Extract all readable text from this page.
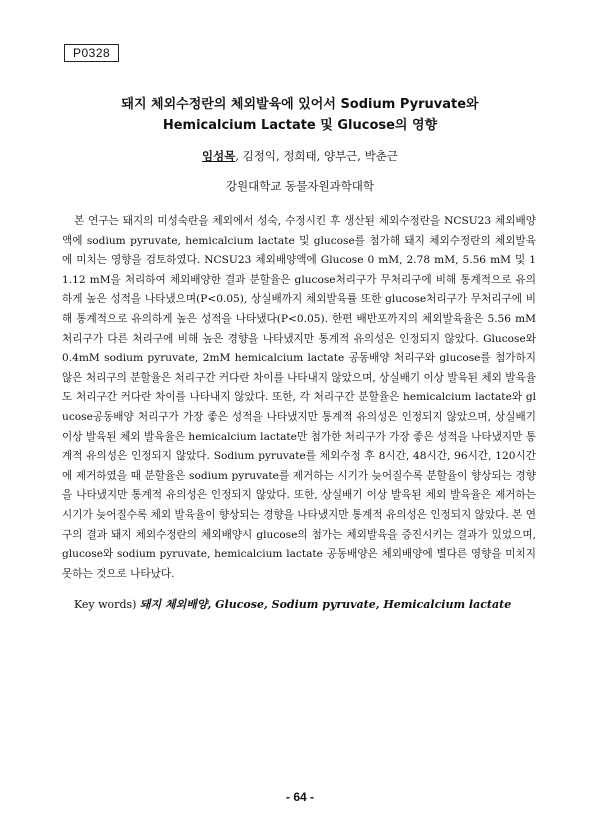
P0328
돼지 체외수정란의 체외발육에 있어서 Sodium Pyruvate와
Hemicalcium Lactate 및 Glucose의 영향
임성목, 김정익, 정희태, 양부근, 박춘근
강원대학교 동물자원과학대학
본 연구는 돼지의 미성숙란을 체외에서 성숙, 수정시킨 후 생산된 체외수정란을 NCSU23 체외배양액에 sodium pyruvate, hemicalcium lactate 및 glucose를 첨가해 돼지 체외수정란의 체외발육에 미치는 영향을 검토하였다. NCSU23 체외배양액에 Glucose 0 mM, 2.78 mM, 5.56 mM 및 11.12 mM을 처리하여 체외배양한 결과 분할율은 glucose처리구가 무처리구에 비해 통계적으로 유의하게 높은 성적을 나타냈으며(P<0.05), 상실배까지 체외발육률 또한 glucose처리구가 무처리구에 비해 통계적으로 유의하게 높은 성적을 나타냈다(P<0.05). 한편 배반포까지의 체외발육율은 5.56 mM 처리구가 다른 처리구에 비해 높은 경향을 나타냈지만 통계적 유의성은 인정되지 않았다. Glucose와 0.4mM sodium pyruvate, 2mM hemicalcium lactate 공동배양 처리구와 glucose를 첨가하지 않은 처리구의 분할율은 처리구간 커다란 차이를 나타내지 않았으며, 상실배기 이상 발육된 체외 발육율도 처리구간 커다란 차이를 나타내지 않았다. 또한, 각 처리구간 분할율은 hemicalcium lactate와 glucose공동배양 처리구가 가장 좋은 성적을 나타냈지만 통계적 유의성은 인정되지 않았으며, 상실배기 이상 발육된 체외 발육율은 hemicalcium lactate만 첨가한 처리구가 가장 좋은 성적을 나타냈지만 통계적 유의성은 인정되지 않았다. Sodium pyruvate를 체외수정 후 8시간, 48시간, 96시간, 120시간에 제거하였을 때 분할율은 sodium pyruvate를 제거하는 시기가 늦어질수록 분할율이 향상되는 경향을 나타냈지만 통계적 유의성은 인정되지 않았다. 또한, 상실배기 이상 발육된 체외 발육율은 제거하는 시기가 늦어질수록 체외 발육율이 향상되는 경향을 나타냈지만 통계적 유의성은 인정되지 않았다. 본 연구의 결과 돼지 체외수정란의 체외배양시 glucose의 첨가는 체외발육을 증진시키는 결과가 있었으며, glucose와 sodium pyruvate, hemicalcium lactate 공동배양은 체외배양에 별다른 영향을 미치지 못하는 것으로 나타났다.
Key words) 돼지 체외배양, Glucose, Sodium pyruvate, Hemicalcium lactate
- 64 -
